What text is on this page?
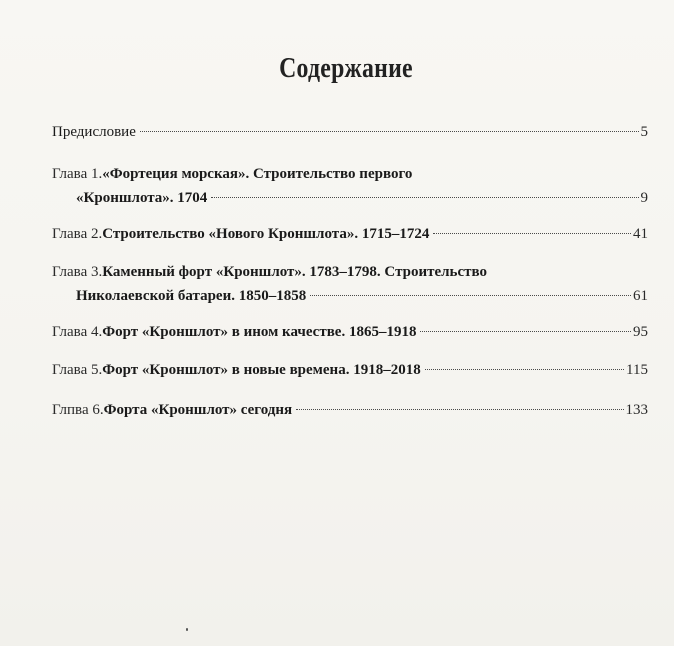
Содержание
Предисловие	5
Глава 1. «Фортеция морская». Строительство первого
«Кроншлота». 1704	9
Глава 2. Строительство «Нового Кроншлота». 1715–1724	41
Глава 3. Каменный форт «Кроншлот». 1783–1798. Строительство
Николаевской батареи. 1850–1858	61
Глава 4. Форт «Кроншлот» в ином качестве. 1865–1918	95
Глава 5. Форт «Кроншлот» в новые времена. 1918–2018	115
Глпва 6. Форта «Кроншлот» сегодня	133
